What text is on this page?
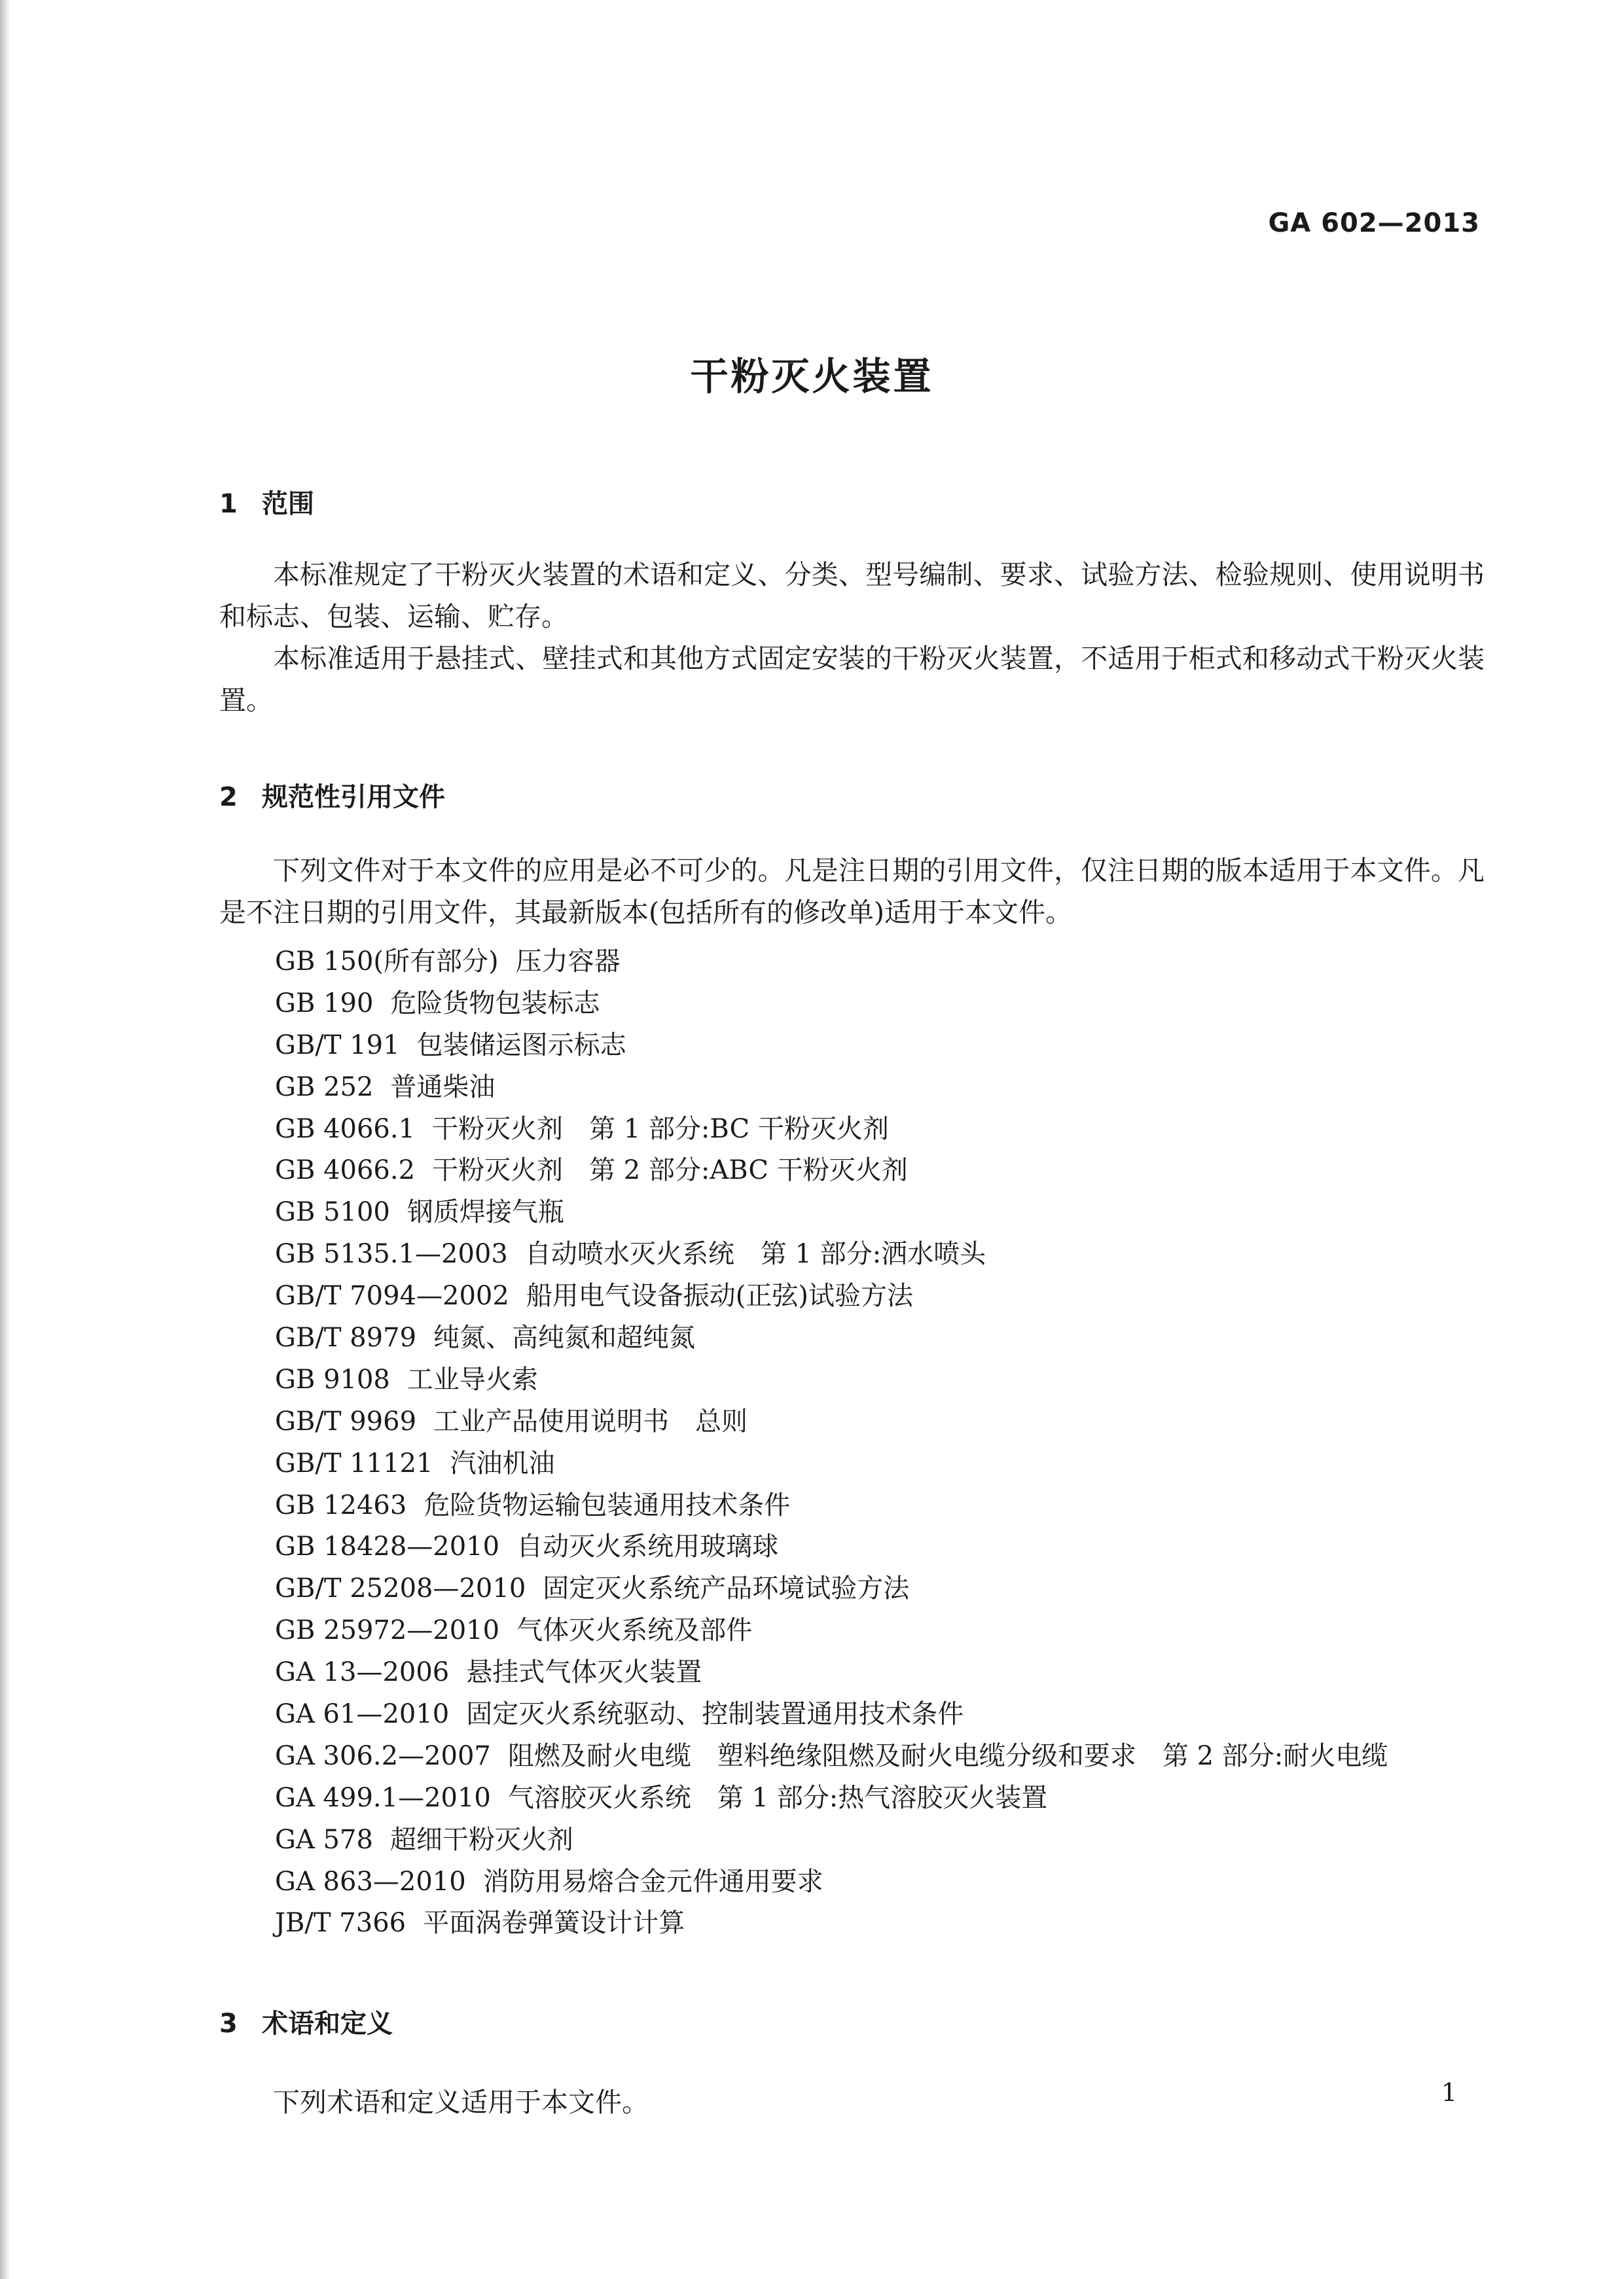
GA 602—2013
干粉灭火装置
1 范围

本标准规定了干粉灭火装置的术语和定义、分类、型号编制、要求、试验方法、检验规则、使用说明书和标志、包装、运输、贮存。

本标准适用于悬挂式、壁挂式和其他方式固定安装的干粉灭火装置，不适用于柜式和移动式干粉灭火装置。

2 规范性引用文件

下列文件对于本文件的应用是必不可少的。凡是注日期的引用文件，仅注日期的版本适用于本文件。凡是不注日期的引用文件，其最新版本(包括所有的修改单)适用于本文件。

GB 150(所有部分) 压力容器
GB 190 危险货物包装标志
GB/T 191 包装储运图示标志
GB 252 普通柴油
GB 4066.1 干粉灭火剂　第 1 部分:BC 干粉灭火剂
GB 4066.2 干粉灭火剂　第 2 部分:ABC 干粉灭火剂
GB 5100 钢质焊接气瓶
GB 5135.1—2003 自动喷水灭火系统　第 1 部分:洒水喷头
GB/T 7094—2002 船用电气设备振动(正弦)试验方法
GB/T 8979 纯氮、高纯氮和超纯氮
GB 9108 工业导火索
GB/T 9969 工业产品使用说明书　总则
GB/T 11121 汽油机油
GB 12463 危险货物运输包装通用技术条件
GB 18428—2010 自动灭火系统用玻璃球
GB/T 25208—2010 固定灭火系统产品环境试验方法
GB 25972—2010 气体灭火系统及部件
GA 13—2006 悬挂式气体灭火装置
GA 61—2010 固定灭火系统驱动、控制装置通用技术条件
GA 306.2—2007 阻燃及耐火电缆　塑料绝缘阻燃及耐火电缆分级和要求　第 2 部分:耐火电缆
GA 499.1—2010 气溶胶灭火系统　第 1 部分:热气溶胶灭火装置
GA 578 超细干粉灭火剂
GA 863—2010 消防用易熔合金元件通用要求
JB/T 7366 平面涡卷弹簧设计计算
3 术语和定义

下列术语和定义适用于本文件。	1
